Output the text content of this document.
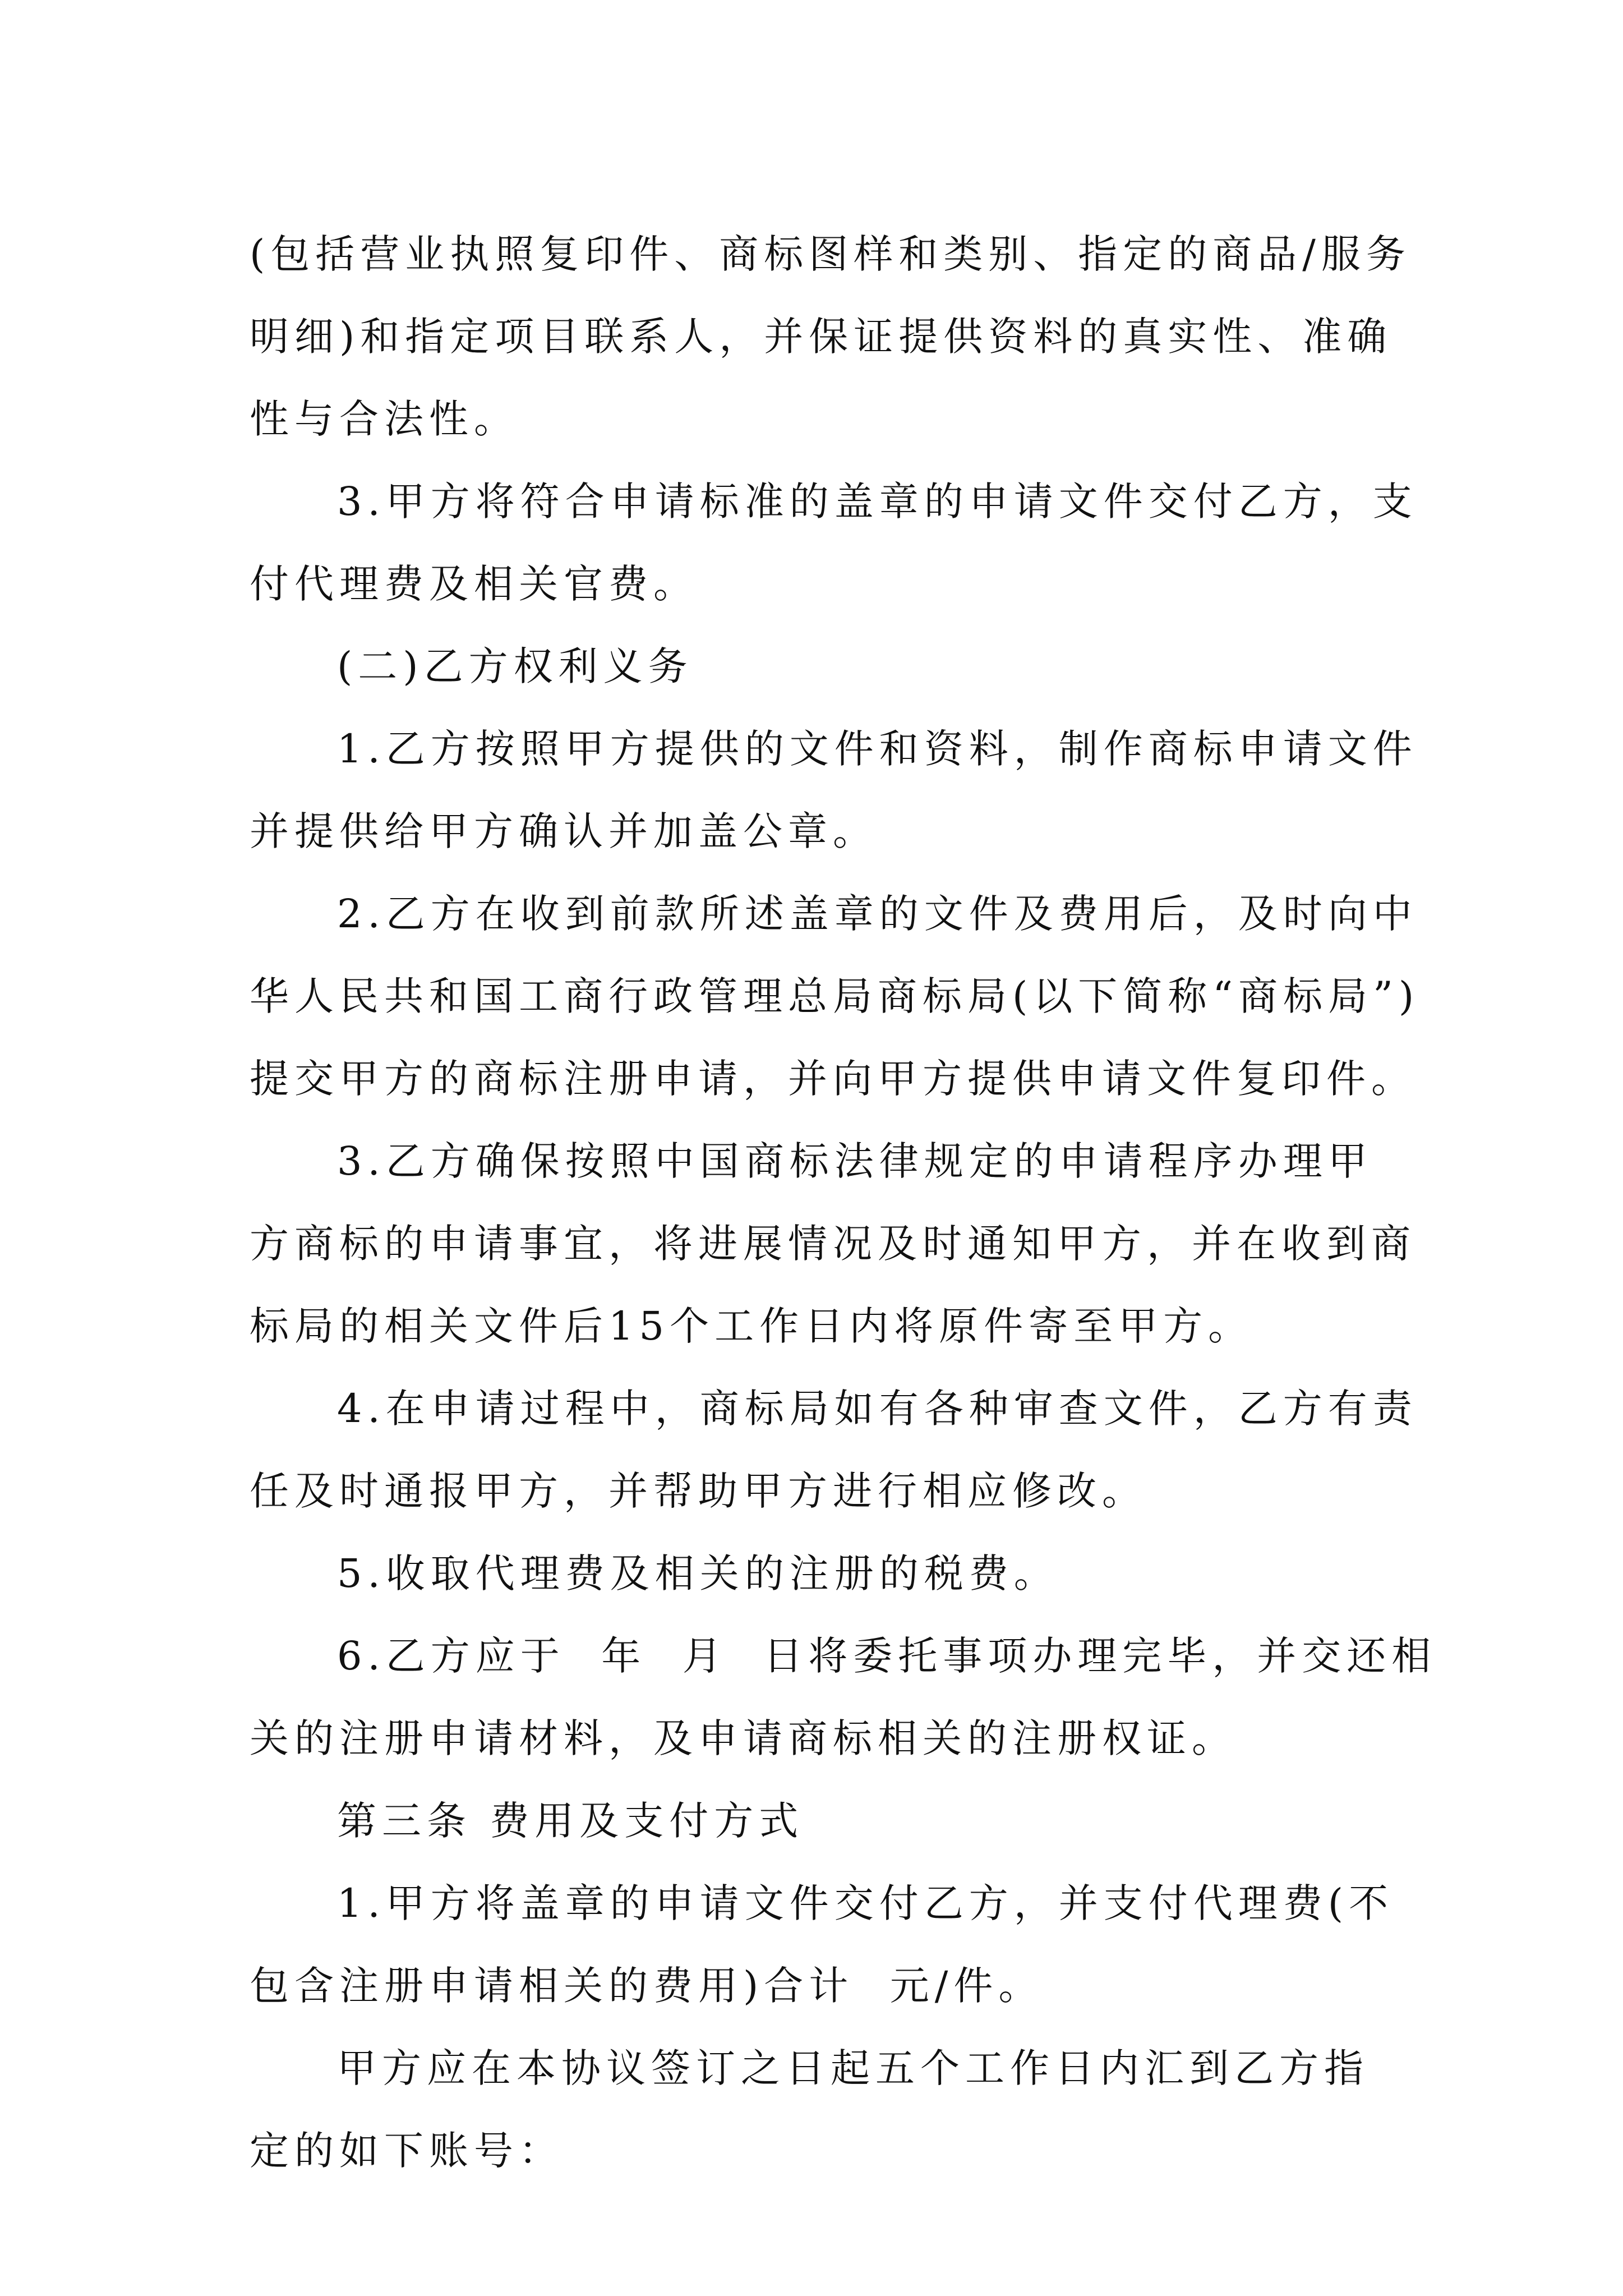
(包括营业执照复印件、商标图样和类别、指定的商品/服务
明细)和指定项目联系人，并保证提供资料的真实性、准确
性与合法性。
3.甲方将符合申请标准的盖章的申请文件交付乙方，支
付代理费及相关官费。
(二)乙方权利义务
1.乙方按照甲方提供的文件和资料，制作商标申请文件
并提供给甲方确认并加盖公章。
2.乙方在收到前款所述盖章的文件及费用后，及时向中
华人民共和国工商行政管理总局商标局(以下简称“商标局”)
提交甲方的商标注册申请，并向甲方提供申请文件复印件。
3.乙方确保按照中国商标法律规定的申请程序办理甲
方商标的申请事宜，将进展情况及时通知甲方，并在收到商
标局的相关文件后15个工作日内将原件寄至甲方。
4.在申请过程中，商标局如有各种审查文件，乙方有责
任及时通报甲方，并帮助甲方进行相应修改。
5.收取代理费及相关的注册的税费。
6.乙方应于  年  月  日将委托事项办理完毕，并交还相
关的注册申请材料，及申请商标相关的注册权证。
第三条 费用及支付方式
1.甲方将盖章的申请文件交付乙方，并支付代理费(不
包含注册申请相关的费用)合计  元/件。
甲方应在本协议签订之日起五个工作日内汇到乙方指
定的如下账号：
